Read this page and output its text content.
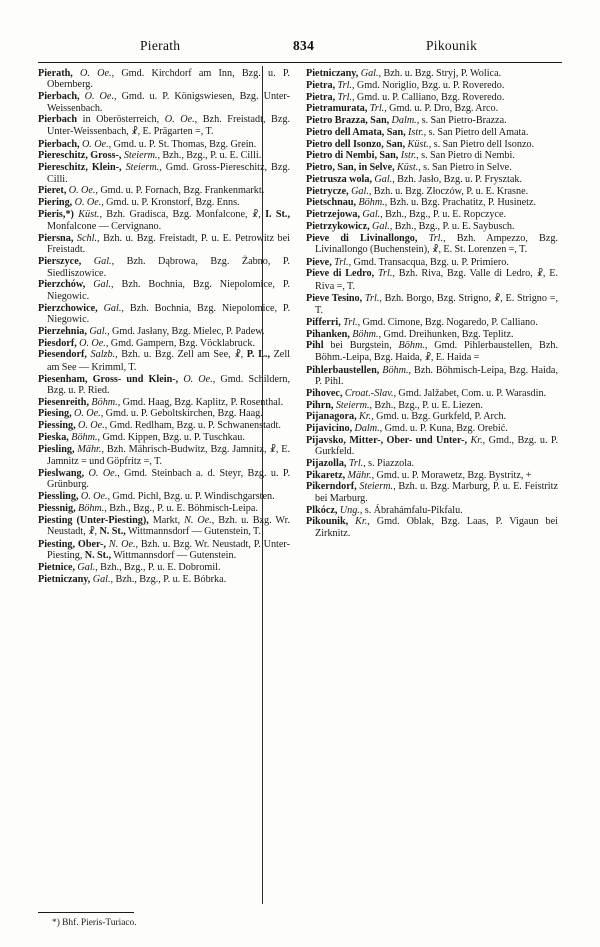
Pierath	834	Pikounik

Pierath, O. Oe., Gmd. Kirchdorf am Inn, Bzg. u. P. Obernberg.

Pierbach, O. Oe., Gmd. u. P. Königswiesen, Bzg. Unter-Weissenbach.

Pierbach in Oberösterreich, O. Oe., Bzh. Freistadt, Bzg. Unter-Weissenbach, ☧, E. Prägarten =, T.

Pierbach, O. Oe., Gmd. u. P. St. Thomas, Bzg. Grein.

Piereschitz, Gross-, Steierm., Bzh., Bzg., P. u. E. Cilli.

Piereschitz, Klein-, Steierm., Gmd. Gross-Piereschitz, Bzg. Cilli.

Pieret, O. Oe., Gmd. u. P. Fornach, Bzg. Frankenmarkt.

Piering, O. Oe., Gmd. u. P. Kronstorf, Bzg. Enns.

Pieris,*) Küst., Bzh. Gradisca, Bzg. Monfalcone, ☧, I. St., Monfalcone — Cervignano.

Piersna, Schl., Bzh. u. Bzg. Freistadt, P. u. E. Petrowitz bei Freistadt.

Pierszyce, Gal., Bzh. Dąbrowa, Bzg. Żabno, P. Siedliszowice.

Pierzchów, Gal., Bzh. Bochnia, Bzg. Niepolomice, P. Niegowic.

Pierzchowice, Gal., Bzh. Bochnia, Bzg. Niepolomice, P. Niegowic.

Pierzehnia, Gal., Gmd. Jasłany, Bzg. Mielec, P. Padew.

Piesdorf, O. Oe., Gmd. Gampern, Bzg. Vöcklabruck.

Piesendorf, Salzb., Bzh. u. Bzg. Zell am See, ☧, P. L., Zell am See — Krimml, T.

Piesenham, Gross- und Klein-, O. Oe., Gmd. Schildern, Bzg. u. P. Ried.

Piesenreith, Böhm., Gmd. Haag, Bzg. Kaplitz, P. Rosenthal.

Piesing, O. Oe., Gmd. u. P. Geboltskirchen, Bzg. Haag.

Piessing, O. Oe., Gmd. Redlham, Bzg. u. P. Schwanenstadt.

Pieska, Böhm., Gmd. Kippen, Bzg. u. P. Tuschkau.

Piesling, Mähr., Bzh. Mährisch-Budwitz, Bzg. Jamnitz, ☧, E. Jamnitz = und Göpfritz =, T.

Pieslwang, O. Oe., Gmd. Steinbach a. d. Steyr, Bzg. u. P. Grünburg.

Piessling, O. Oe., Gmd. Pichl, Bzg. u. P. Windischgarsten.

Piessnig, Böhm., Bzh., Bzg., P. u. E. Böhmisch-Leipa.

Piesting (Unter-Piesting), Markt, N. Oe., Bzh. u. Bzg. Wr. Neustadt, ☧, N. St., Wittmannsdorf — Gutenstein, T.

Piesting, Ober-, N. Oe., Bzh. u. Bzg. Wr. Neustadt, P. Unter-Piesting, N. St., Wittmannsdorf — Gutenstein.

Pietnice, Gal., Bzh., Bzg., P. u. E. Dobromil.

Pietniczany, Gal., Bzh., Bzg., P. u. E. Bóbrka.

Pietniczany, Gal., Bzh. u. Bzg. Stryj, P. Wolica.

Pietra, Trl., Gmd. Noriglio, Bzg. u. P. Roveredo.

Pietra, Trl., Gmd. u. P. Calliano, Bzg. Roveredo.

Pietramurata, Trl., Gmd. u. P. Dro, Bzg. Arco.

Pietro Brazza, San, Dalm., s. San Pietro-Brazza.

Pietro dell Amata, San, Istr., s. San Pietro dell Amata.

Pietro dell Isonzo, San, Küst., s. San Pietro dell Isonzo.

Pietro di Nembi, San, Istr., s. San Pietro di Nembi.

Pietro, San, in Selve, Küst., s. San Pietro in Selve.

Pietrusza wola, Gal., Bzh. Jasło, Bzg. u. P. Frysztak.

Pietrycze, Gal., Bzh. u. Bzg. Złoczów, P. u. E. Krasne.

Pietschnau, Böhm., Bzh. u. Bzg. Prachatitz, P. Husinetz.

Pietrzejowa, Gal., Bzh., Bzg., P. u. E. Ropczyce.

Pietrzykowicz, Gal., Bzh., Bzg., P. u. E. Saybusch.

Pieve di Livinallongo, Trl., Bzh. Ampezzo, Bzg. Livinallongo (Buchenstein), ☧, E. St. Lorenzen =, T.

Pieve, Trl., Gmd. Transacqua, Bzg. u. P. Primiero.

Pieve di Ledro, Trl., Bzh. Riva, Bzg. Valle di Ledro, ☧, E. Riva =, T.

Pieve Tesino, Trl., Bzh. Borgo, Bzg. Strigno, ☧, E. Strigno =, T.

Pifferri, Trl., Gmd. Cimone, Bzg. Nogaredo, P. Calliano.

Pihanken, Böhm., Gmd. Dreihunken, Bzg. Teplitz.

Pihl bei Burgstein, Böhm., Gmd. Pihlerbaustellen, Bzh. Böhm.-Leipa, Bzg. Haida, ☧, E. Haida =

Pihlerbaustellen, Böhm., Bzh. Böhmisch-Leipa, Bzg. Haida, P. Pihl.

Pihovec, Croat.-Slav., Gmd. Jalžabet, Com. u. P. Warasdin.

Pihrn, Steierm., Bzh., Bzg., P. u. E. Liezen.

Pijanagora, Kr., Gmd. u. Bzg. Gurkfeld, P. Arch.

Pijavicino, Dalm., Gmd. u. P. Kuna, Bzg. Orebić.

Pijavsko, Mitter-, Ober- und Unter-, Kr., Gmd., Bzg. u. P. Gurkfeld.

Pijazolla, Trl., s. Piazzola.

Pikaretz, Mähr., Gmd. u. P. Morawetz, Bzg. Bystritz, +

Pikerndorf, Steierm., Bzh. u. Bzg. Marburg, P. u. E. Feistritz bei Marburg.

Plkócz, Ung., s. Ábrahámfalu-Pikfalu.

Pikounik, Kr., Gmd. Oblak, Bzg. Laas, P. Vigaun bei Zirknitz.

*) Bhf. Pieris-Turiaco.
